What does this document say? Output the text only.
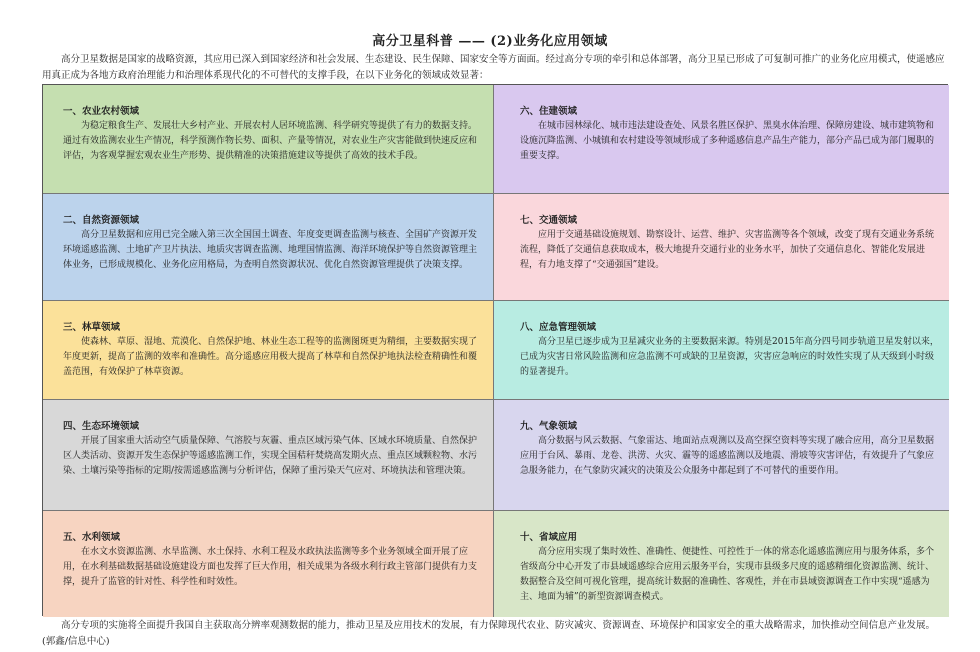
高分卫星科普 —— (2)业务化应用领域

高分卫星数据是国家的战略资源，其应用已深入到国家经济和社会发展、生态建设、民生保障、国家安全等方面面。经过高分专项的牵引和总体部署，高分卫星已形成了可复制可推广的业务化应用模式，使遥感应用真正成为各地方政府治理能力和治理体系现代化的不可替代的支撑手段，在以下业务化的领域成效显著：

一、农业农村领域

为稳定粮食生产、发展壮大乡村产业、开展农村人居环境监测、科学研究等提供了有力的数据支持。通过有效监测农业生产情况，科学预测作物长势、面积、产量等情况，对农业生产灾害能做到快速反应和评估，为客观掌握宏观农业生产形势、提供精准的决策措施建议等提供了高效的技术手段。

六、住建领域

在城市园林绿化、城市违法建设查处、风景名胜区保护、黑臭水体治理、保障房建设、城市建筑物和设施沉降监测、小城镇和农村建设等领域形成了多种遥感信息产品生产能力，部分产品已成为部门履职的重要支撑。

二、自然资源领域

高分卫星数据和应用已完全融入第三次全国国土调查、年度变更调查监测与核查、全国矿产资源开发环境遥感监测、土地矿产卫片执法、地质灾害调查监测、地理国情监测、海洋环境保护等自然资源管理主体业务，已形成规模化、业务化应用格局，为查明自然资源状况、优化自然资源管理提供了决策支撑。

七、交通领域

应用于交通基础设施规划、勘察设计、运营、维护、灾害监测等各个领域，改变了现有交通业务系统流程，降低了交通信息获取成本，极大地提升交通行业的业务水平，加快了交通信息化、智能化发展进程，有力地支撑了“交通强国”建设。

三、林草领域

使森林、草原、湿地、荒漠化、自然保护地、林业生态工程等的监测图斑更为精细，主要数据实现了年度更新，提高了监测的效率和准确性。高分遥感应用极大提高了林草和自然保护地执法检查精确性和覆盖范围，有效保护了林草资源。

八、应急管理领域

高分卫星已逐步成为卫星减灾业务的主要数据来源。特别是2015年高分四号同步轨道卫星发射以来，已成为灾害日常风险监测和应急监测不可或缺的卫星资源，灾害应急响应的时效性实现了从天级到小时级的显著提升。

四、生态环境领域

开展了国家重大活动空气质量保障、气溶胶与灰霾、重点区域污染气体、区域水环境质量、自然保护区人类活动、资源开发生态保护等遥感监测工作，实现全国秸秆焚烧高发期火点、重点区域颗粒物、水污染、土壤污染等指标的定期/按需遥感监测与分析评估，保障了重污染天气应对、环境执法和管理决策。

九、气象领域

高分数据与风云数据、气象雷达、地面站点观测以及高空探空资料等实现了融合应用，高分卫星数据应用于台风、暴雨、龙卷、洪涝、火灾、霾等的遥感监测以及地震、滑坡等灾害评估，有效提升了气象应急服务能力，在气象防灾减灾的决策及公众服务中都起到了不可替代的重要作用。

五、水利领域

在水文水资源监测、水旱监测、水土保持、水利工程及水政执法监测等多个业务领域全面开展了应用，在水利基础数据基础设施建设方面也发挥了巨大作用，相关成果为各级水利行政主管部门提供有力支撑，提升了监管的针对性、科学性和时效性。

十、省域应用

高分应用实现了集时效性、准确性、便捷性、可控性于一体的常态化遥感监测应用与服务体系，多个省级高分中心开发了市县域遥感综合应用云服务平台，实现市县级多尺度的遥感精细化资源监测、统计、数据整合及空间可视化管理，提高统计数据的准确性、客观性，并在市县域资源调查工作中实现“遥感为主、地面为辅”的新型资源调查模式。

高分专项的实施将全面提升我国自主获取高分辨率观测数据的能力，推动卫星及应用技术的发展，有力保障现代农业、防灾减灾、资源调查、环境保护和国家安全的重大战略需求，加快推动空间信息产业发展。(郭鑫/信息中心)
